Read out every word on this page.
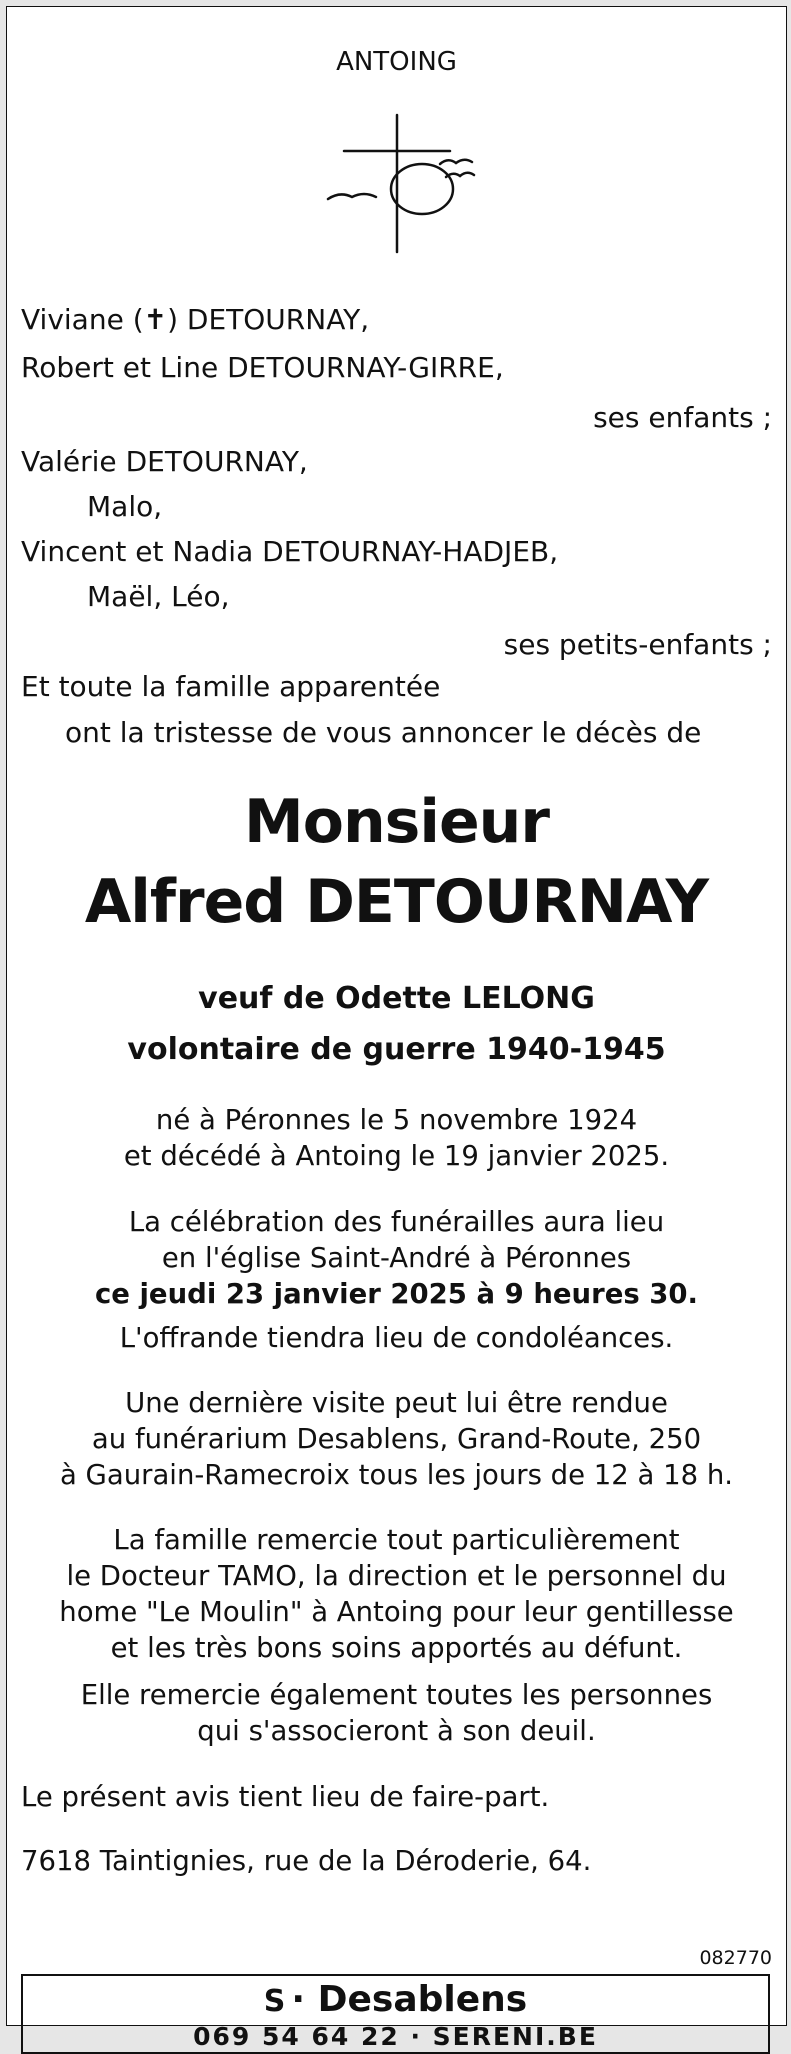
ANTOING
Viviane (✝) DETOURNAY,
Robert et Line DETOURNAY-GIRRE,
ses enfants ;
Valérie DETOURNAY,
Malo,
Vincent et Nadia DETOURNAY-HADJEB,
Maël, Léo,
ses petits-enfants ;
Et toute la famille apparentée
ont la tristesse de vous annoncer le décès de
Monsieur
Alfred DETOURNAY
veuf de Odette LELONG
volontaire de guerre 1940-1945
né à Péronnes le 5 novembre 1924
et décédé à Antoing le 19 janvier 2025.
La célébration des funérailles aura lieu
en l'église Saint-André à Péronnes
ce jeudi 23 janvier 2025 à 9 heures 30.
L'offrande tiendra lieu de condoléances.
Une dernière visite peut lui être rendue
au funérarium Desablens, Grand-Route, 250
à Gaurain-Ramecroix tous les jours de 12 à 18 h.
La famille remercie tout particulièrement
le Docteur TAMO, la direction et le personnel du
home "Le Moulin" à Antoing pour leur gentillesse
et les très bons soins apportés au défunt.
Elle remercie également toutes les personnes
qui s'associeront à son deuil.
Le présent avis tient lieu de faire-part.
7618 Taintignies, rue de la Déroderie, 64.
082770
S · Desablens
069 54 64 22 · SERENI.BE
